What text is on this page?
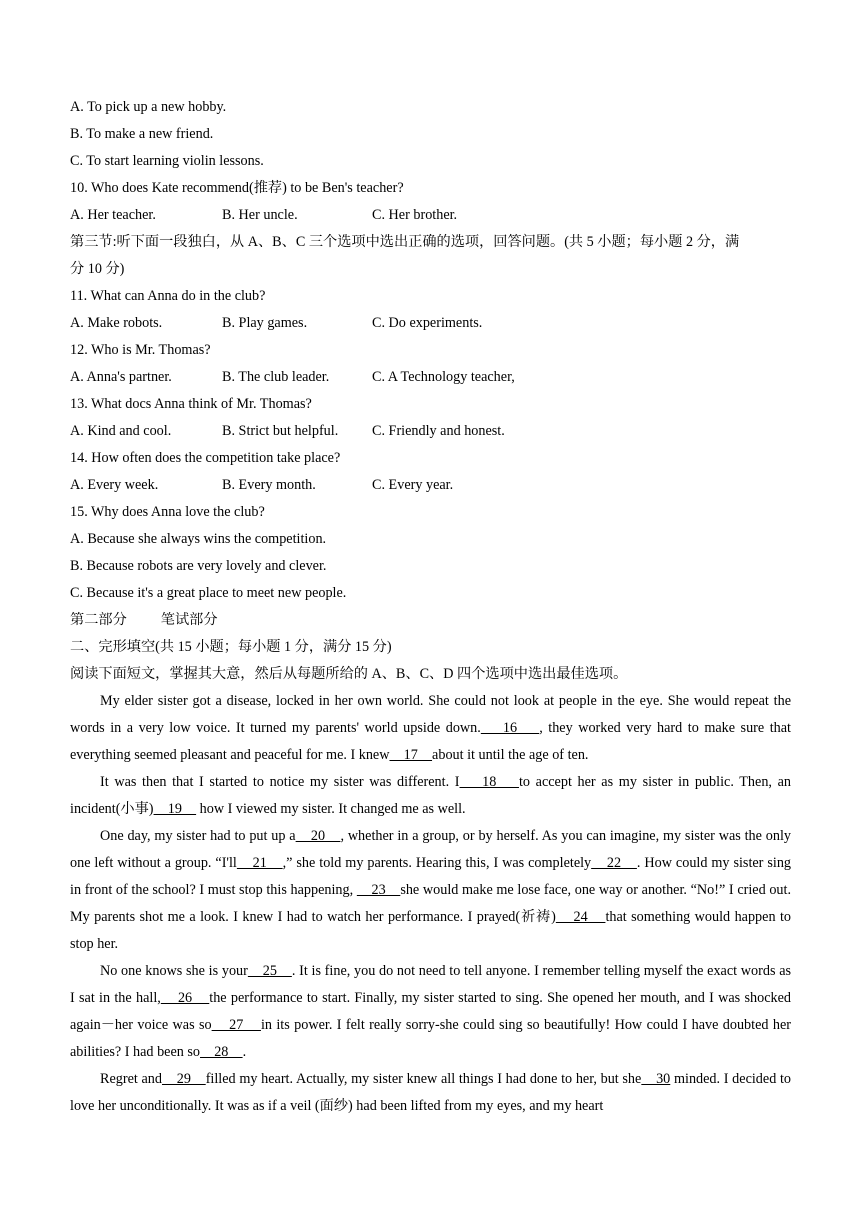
A. To pick up a new hobby.
B. To make a new friend.
C. To start learning violin lessons.
10. Who does Kate recommend(推荐) to be Ben's teacher?
A. Her teacher.	B. Her uncle.	C. Her brother.
第三节:听下面一段独白，从 A、B、C 三个选项中选出正确的选项，回答问题。(共 5 小题；每小题 2 分，满
分 10 分)
11. What can Anna do in the club?
A. Make robots.	B. Play games.	C. Do experiments.
12. Who is Mr. Thomas?
A. Anna's partner.	B. The club leader.	C. A Technology teacher,
13. What docs Anna think of Mr. Thomas?
A. Kind and cool.	B. Strict but helpful. C. Friendly and honest.
14. How often does the competition take place?
A. Every week.	B. Every month.	C. Every year.
15. Why does Anna love the club?
A. Because she always wins the competition.
B. Because robots are very lovely and clever.
C. Because it's a great place to meet new people.
第二部分 笔试部分
二、完形填空(共 15 小题；每小题 1 分，满分 15 分)
阅读下面短文，掌握其大意，然后从每题所给的 A、B、C、D 四个选项中选出最佳选项。
My elder sister got a disease, locked in her own world. She could not look at people in the eye. She would repeat the words in a very low voice. It turned my parents' world upside down.    16    , they worked very hard to make sure that everything seemed pleasant and peaceful for me. I knew    17    about it until the age of ten.
It was then that I started to notice my sister was different. I    18    to accept her as my sister in public. Then, an incident(小事)    19     how I viewed my sister. It changed me as well.
One day, my sister had to put up a    20    , whether in a group, or by herself. As you can imagine, my sister was the only one left without a group. “I'll    21    ,” she told my parents. Hearing this, I was completely    22    . How could my sister sing in front of the school? I must stop this happening,     23    she would make me lose face, one way or another. “No!” I cried out. My parents shot me a look. I knew I had to watch her performance. I prayed(祈祷)    24    that something would happen to stop her.
No one knows she is your    25    . It is fine, you do not need to tell anyone. I remember telling myself the exact words as I sat in the hall,    26    the performance to start. Finally, my sister started to sing. She opened her mouth, and I was shocked again－her voice was so    27    in its power. I felt really sorry-she could sing so beautifully! How could I have doubted her abilities? I had been so    28    .
Regret and    29    filled my heart. Actually, my sister knew all things I had done to her, but she    30 minded. I decided to love her unconditionally. It was as if a veil (面纱) had been lifted from my eyes, and my heart
